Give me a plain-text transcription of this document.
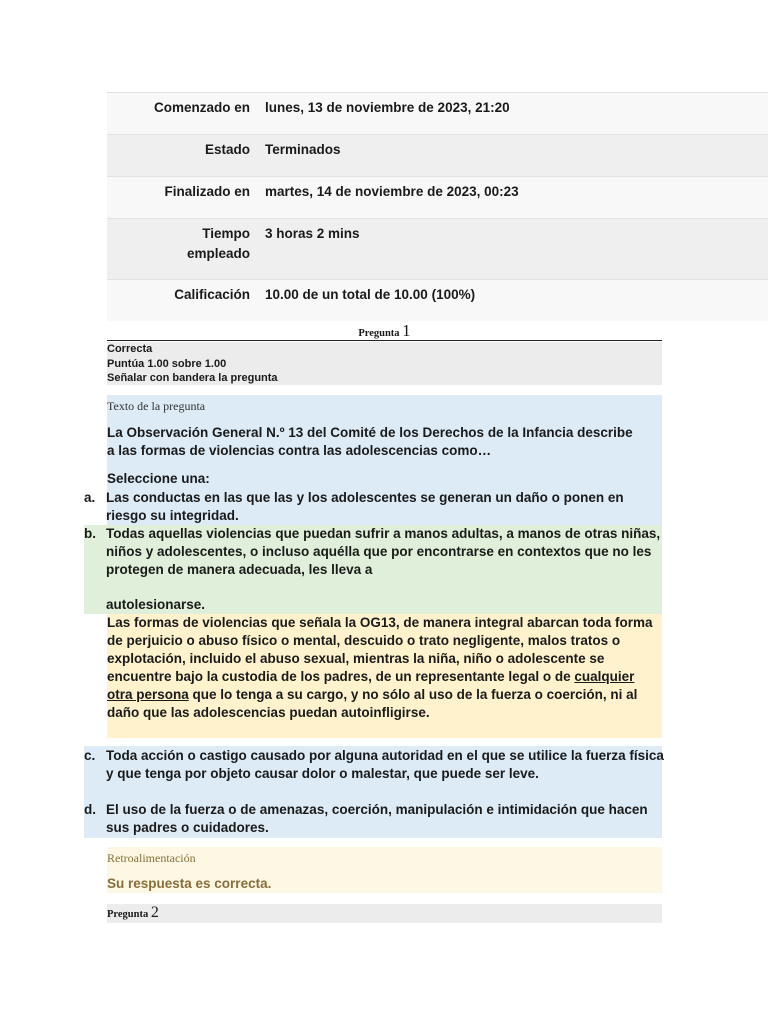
Comenzado en lunes, 13 de noviembre de 2023, 21:20
Estado Terminados
Finalizado en martes, 14 de noviembre de 2023, 00:23
Tiempo
empleado
3 horas 2 mins
Calificación 10.00 de un total de 10.00 (100%)
Pregunta 1
Correcta
Puntúa 1.00 sobre 1.00
Señalar con bandera la pregunta
Texto de la pregunta
La Observación General N.º 13 del Comité de los Derechos de la Infancia describe a las formas de violencias contra las adolescencias como…
Seleccione una:
a. Las conductas en las que las y los adolescentes se generan un daño o ponen en riesgo su integridad.
b. Todas aquellas violencias que puedan sufrir a manos adultas, a manos de otras niñas, niños y adolescentes, o incluso aquélla que por encontrarse en contextos que no les protegen de manera adecuada, les lleva a
autolesionarse.
Las formas de violencias que señala la OG13, de manera integral abarcan toda forma de perjuicio o abuso físico o mental, descuido o trato negligente, malos tratos o explotación, incluido el abuso sexual, mientras la niña, niño o adolescente se encuentre bajo la custodia de los padres, de un representante legal o de cualquier otra persona que lo tenga a su cargo, y no sólo al uso de la fuerza o coerción, ni al daño que las adolescencias puedan autoinfligirse.
c. Toda acción o castigo causado por alguna autoridad en el que se utilice la fuerza física y que tenga por objeto causar dolor o malestar, que puede ser leve.
d. El uso de la fuerza o de amenazas, coerción, manipulación e intimidación que hacen sus padres o cuidadores.
Retroalimentación
Su respuesta es correcta.
Pregunta 2
